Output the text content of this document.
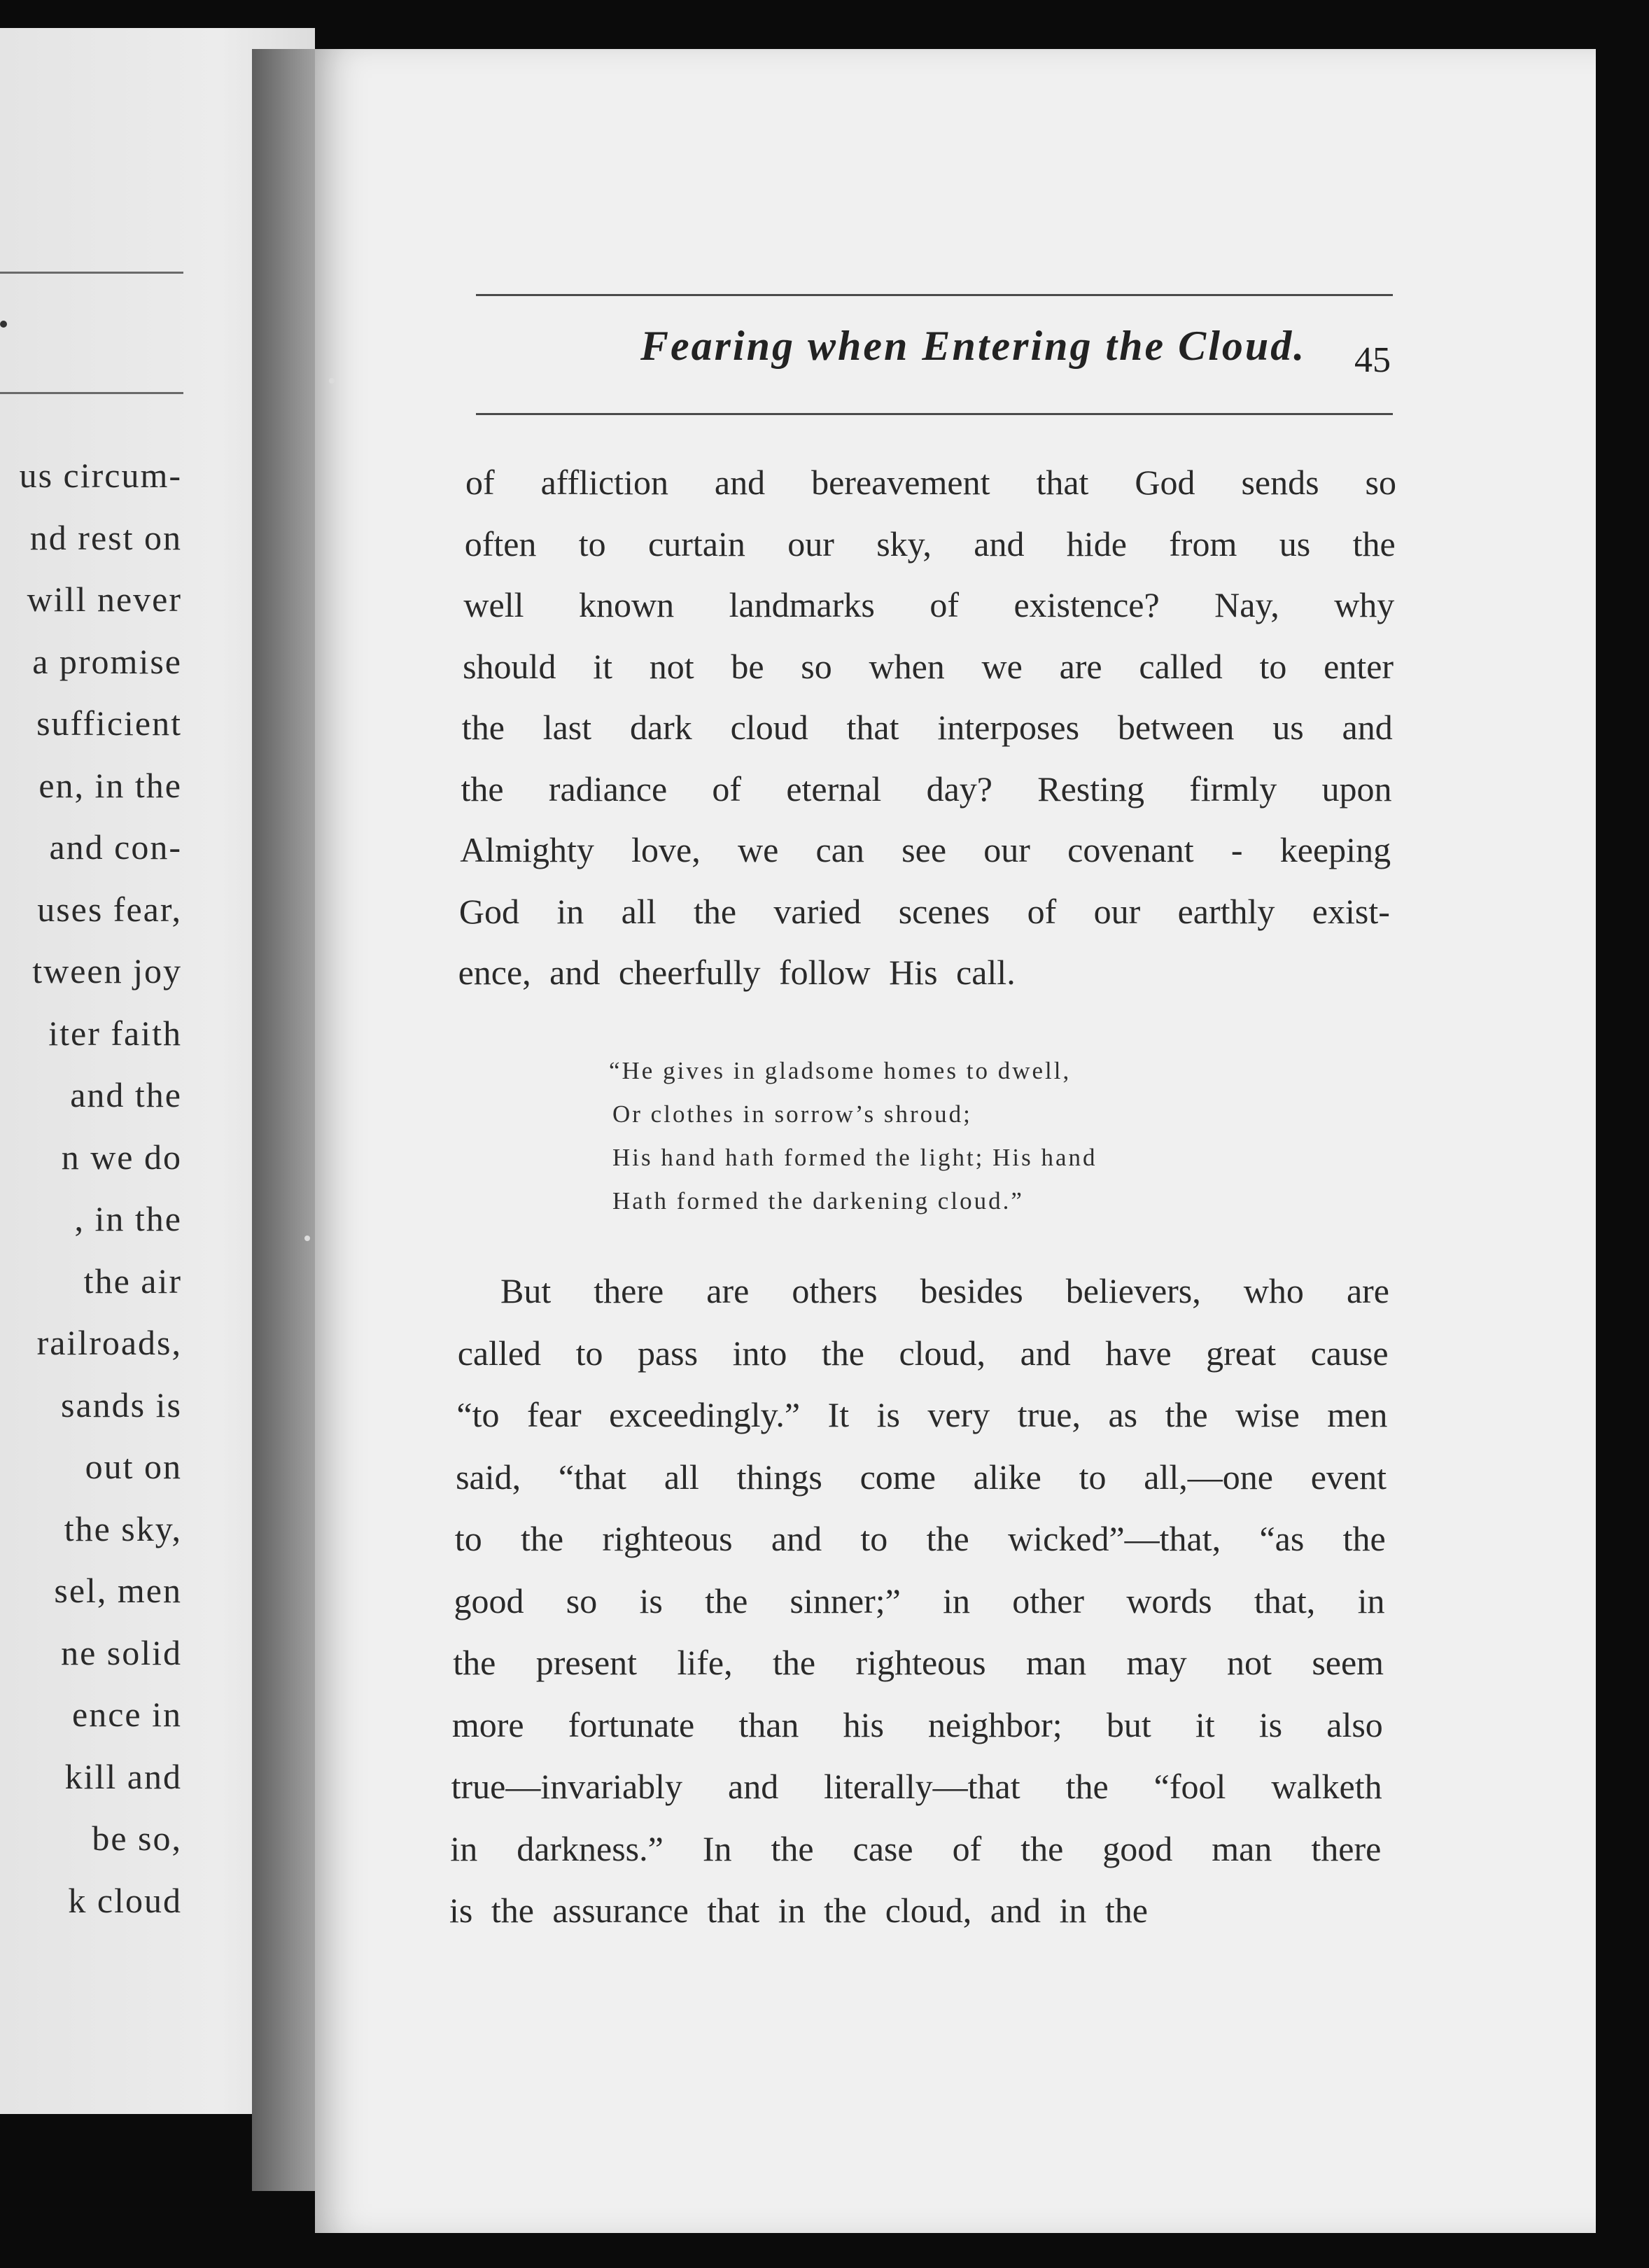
us circum-
nd rest on
will never
a promise
sufficient
en, in the
and con-
uses fear,
tween joy
iter faith
and the
n we do
, in the
the air
railroads,
sands is
out on
the sky,
sel, men
ne solid
ence in
kill and
be so,
k cloud
Fearing when Entering the Cloud. 45
of affliction and bereavement that God sends so
often to curtain our sky, and hide from us the
well known landmarks of existence? Nay, why
should it not be so when we are called to enter
the last dark cloud that interposes between us and
the radiance of eternal day? Resting firmly upon
Almighty love, we can see our covenant - keeping
God in all the varied scenes of our earthly exist-
ence, and cheerfully follow His call.
“He gives in gladsome homes to dwell,
Or clothes in sorrow’s shroud;
His hand hath formed the light; His hand
Hath formed the darkening cloud.”
But there are others besides believers, who are
called to pass into the cloud, and have great cause
“to fear exceedingly.” It is very true, as the wise men
said, “that all things come alike to all,—one event
to the righteous and to the wicked”—that, “as the
good so is the sinner;” in other words that, in
the present life, the righteous man may not seem
more fortunate than his neighbor; but it is also
true—invariably and literally—that the “fool walketh
in darkness.” In the case of the good man there
is the assurance that in the cloud, and in the
